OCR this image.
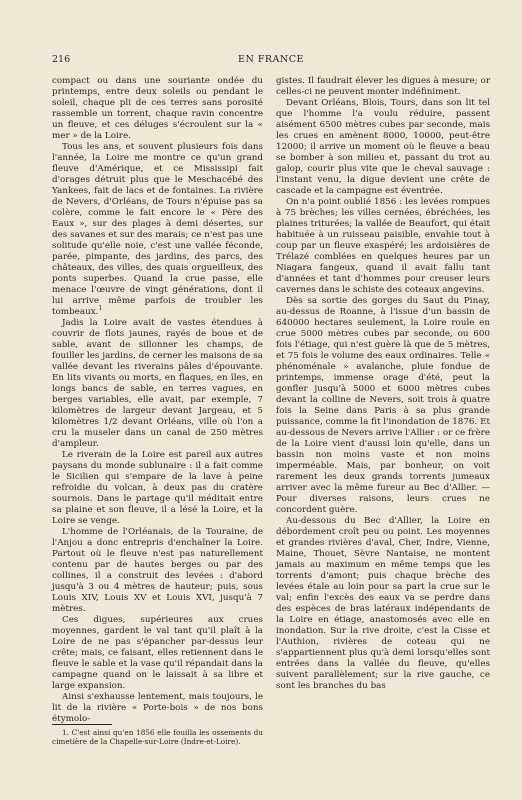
216	EN FRANCE

compact ou dans une souriante ondée du printemps, entre deux soleils ou pendant le soleil, chaque pli de ces terres sans porosité rassemble un torrent, chaque ravin concentre un fleuve, et ces déluges s'écroulent sur la « mer » de la Loire.

Tous les ans, et souvent plusieurs fois dans l'année, la Loire me montre ce qu'un grand fleuve d'Amérique, et ce Mississipi fait d'orages détruit plus que le Meschacébé des Yankees, fait de lacs et de fontaines. La rivière de Nevers, d'Orléans, de Tours n'épuise pas sa colère, comme le fait encore le « Père des Eaux », sur des plages à demi désertes, sur des savanes et sur des marais; ce n'est pas une solitude qu'elle noie, c'est une vallée féconde, parée, pimpante, des jardins, des parcs, des châteaux, des villes, des quais orgueilleux, des ponts superbes. Quand la crue passe, elle menace l'œuvre de vingt générations, dont il lui arrive même parfois de troubler les tombeaux.$^1$

Jadis la Loire avait de vastes étendues à couvrir de flots jaunes, rayés de boue et de sable, avant de sillonner les champs, de fouiller les jardins, de cerner les maisons de sa vallée devant les riverains pâles d'épouvante. En lits vivants ou morts, en flaques, en îles, en longs bancs de sable, en terres vagues, en berges variables, elle avait, par exemple, 7 kilomètres de largeur devant Jargeau, et 5 kilomètres 1/2 devant Orléans, ville où l'on a cru la museler dans un canal de 250 mètres d'ampleur.

Le riverain de la Loire est pareil aux autres paysans du monde sublunaire : il a fait comme le Sicilien qui s'empare de la lave à peine refroidie du volcan, à deux pas du cratère sournois. Dans le partage qu'il méditait entre sa plaine et son fleuve, il a lésé la Loire, et la Loire se venge.

L'homme de l'Orléanais, de la Touraine, de l'Anjou a donc entrepris d'enchaîner la Loire. Partout où le fleuve n'est pas naturellement contenu par de hautes berges ou par des collines, il a construit des levées : d'abord jusqu'à 3 ou 4 mètres de hauteur; puis, sous Louis XIV, Louis XV et Louis XVI, jusqu'à 7 mètres.

Ces digues, supérieures aux crues moyennes, gardent le val tant qu'il plaît à la Loire de ne pas s'épancher par-dessus leur crête; mais, ce faisant, elles retiennent dans le fleuve le sable et la vase qu'il répandait dans la campagne quand on le laissait à sa libre et large expansion.

Ainsi s'exhausse lentement, mais toujours, le lit de la rivière « Porte-bois » de nos bons étymolo-

1. C'est ainsi qu'en 1856 elle fouilla les ossements du cimetière de la Chapelle-sur-Loire (Indre-et-Loire).

gistes. Il faudrait élever les digues à mesure; or celles-ci ne peuvent monter indéfiniment.

Devant Orléans, Blois, Tours, dans son lit tel que l'homme l'a voulu réduire, passent aisément 6500 mètres cubes par seconde, mais les crues en amènent 8000, 10000, peut-être 12000; il arrive un moment où le fleuve a beau se bomber à son milieu et, passant du trot au galop, courir plus vite que le cheval sauvage : l'instant venu, la digue devient une crête de cascade et la campagne est éventrée.

On n'a point oublié 1856 : les levées rompues à 75 brèches; les villes cernées, ébréchées, les plaines triturées; la vallée de Beaufort, qui était habituée à un ruisseau paisible, envahie tout à coup par un fleuve exaspéré; les ardoisières de Trélazé comblées en quelques heures par un Niagara fangeux, quand il avait fallu tant d'années et tant d'hommes pour creuser leurs cavernes dans le schiste des coteaux angevins.

Dès sa sortie des gorges du Saut du Pinay, au-dessus de Roanne, à l'issue d'un bassin de 640000 hectares seulement, la Loire roule en crue 5000 mètres cubes par seconde, ou 600 fois l'étiage, qui n'est guère là que de 5 mètres, et 75 fois le volume des eaux ordinaires. Telle « phénoménale » avalanche, pluie fondue de printemps, immense orage d'été, peut la gonfler jusqu'à 5000 et 6000 mètres cubes devant la colline de Nevers, soit trois à quatre fois la Seine dans Paris à sa plus grande puissance, comme la fit l'inondation de 1876. Et au-dessous de Nevers arrive l'Allier : or ce frère de la Loire vient d'aussi loin qu'elle, dans un bassin non moins vaste et non moins imperméable. Mais, par bonheur, on voit rarement les deux grands torrents jumeaux arriver avec la même fureur au Bec d'Allier. — Pour diverses raisons, leurs crues ne concordent guère.

Au-dessous du Bec d'Allier, la Loire en débordement croît peu ou point. Les moyennes et grandes rivières d'aval, Cher, Indre, Vienne, Maine, Thouet, Sèvre Nantaise, ne montent jamais au maximum en même temps que les torrents d'amont; puis chaque brèche des levées étale au loin pour sa part la crue sur le val; enfin l'excès des eaux va se perdre dans des espèces de bras latéraux indépendants de la Loire en étiage, anastomosés avec elle en inondation. Sur la rive droite, c'est la Cisse et l'Authion, rivières de coteau qui ne s'appartiennent plus qu'à demi lorsqu'elles sont entrées dans la vallée du fleuve, qu'elles suivent parallèlement; sur la rive gauche, ce sont les branches du bas
